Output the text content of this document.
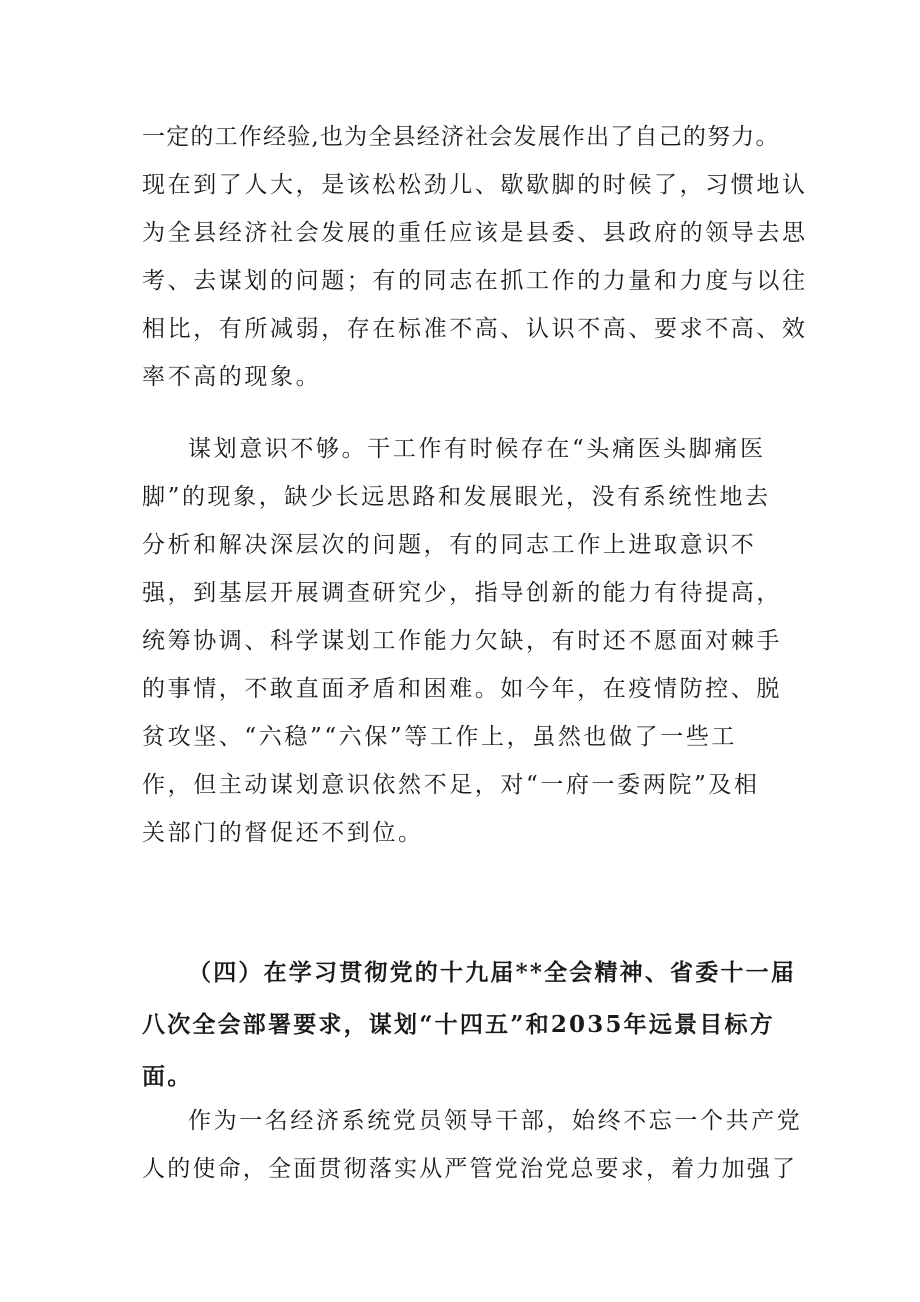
一定的工作经验,也为全县经济社会发展作出了自己的努力。
现在到了人大，是该松松劲儿、歇歇脚的时候了，习惯地认
为全县经济社会发展的重任应该是县委、县政府的领导去思
考、去谋划的问题；有的同志在抓工作的力量和力度与以往
相比，有所减弱，存在标准不高、认识不高、要求不高、效
率不高的现象。
谋划意识不够。干工作有时候存在“头痛医头脚痛医
脚”的现象，缺少长远思路和发展眼光，没有系统性地去
分析和解决深层次的问题，有的同志工作上进取意识不
强，到基层开展调查研究少，指导创新的能力有待提高，
统筹协调、科学谋划工作能力欠缺，有时还不愿面对棘手
的事情，不敢直面矛盾和困难。如今年，在疫情防控、脱
贫攻坚、“六稳”“六保”等工作上，虽然也做了一些工
作，但主动谋划意识依然不足，对“一府一委两院”及相
关部门的督促还不到位。
（四）在学习贯彻党的十九届**全会精神、省委十一届
八次全会部署要求，谋划“十四五”和2035年远景目标方
面。
作为一名经济系统党员领导干部，始终不忘一个共产党
人的使命，全面贯彻落实从严管党治党总要求，着力加强了
